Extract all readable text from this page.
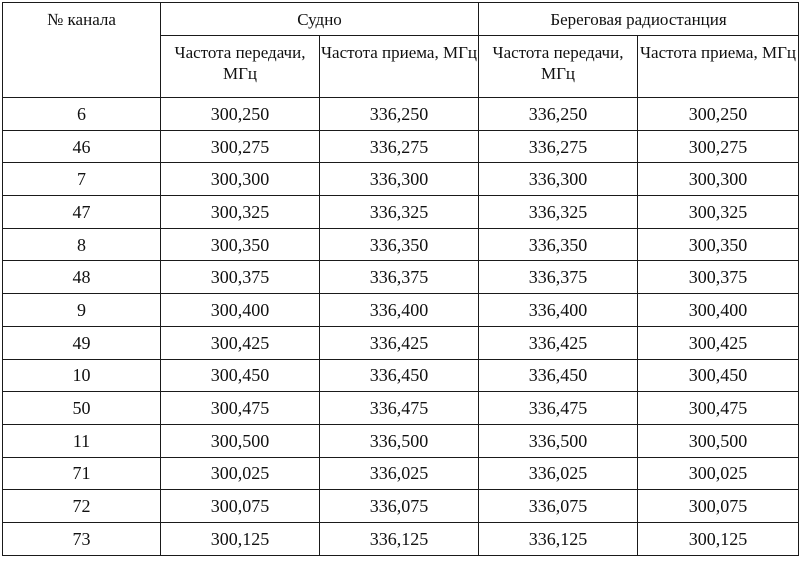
№ канала	Судно		Береговая радиостанция	
	Частота передачи, МГц	Частота приема, МГц	Частота передачи, МГц	Частота приема, МГц
6	300,250	336,250	336,250	300,250
46	300,275	336,275	336,275	300,275
7	300,300	336,300	336,300	300,300
47	300,325	336,325	336,325	300,325
8	300,350	336,350	336,350	300,350
48	300,375	336,375	336,375	300,375
9	300,400	336,400	336,400	300,400
49	300,425	336,425	336,425	300,425
10	300,450	336,450	336,450	300,450
50	300,475	336,475	336,475	300,475
11	300,500	336,500	336,500	300,500
71	300,025	336,025	336,025	300,025
72	300,075	336,075	336,075	300,075
73	300,125	336,125	336,125	300,125
